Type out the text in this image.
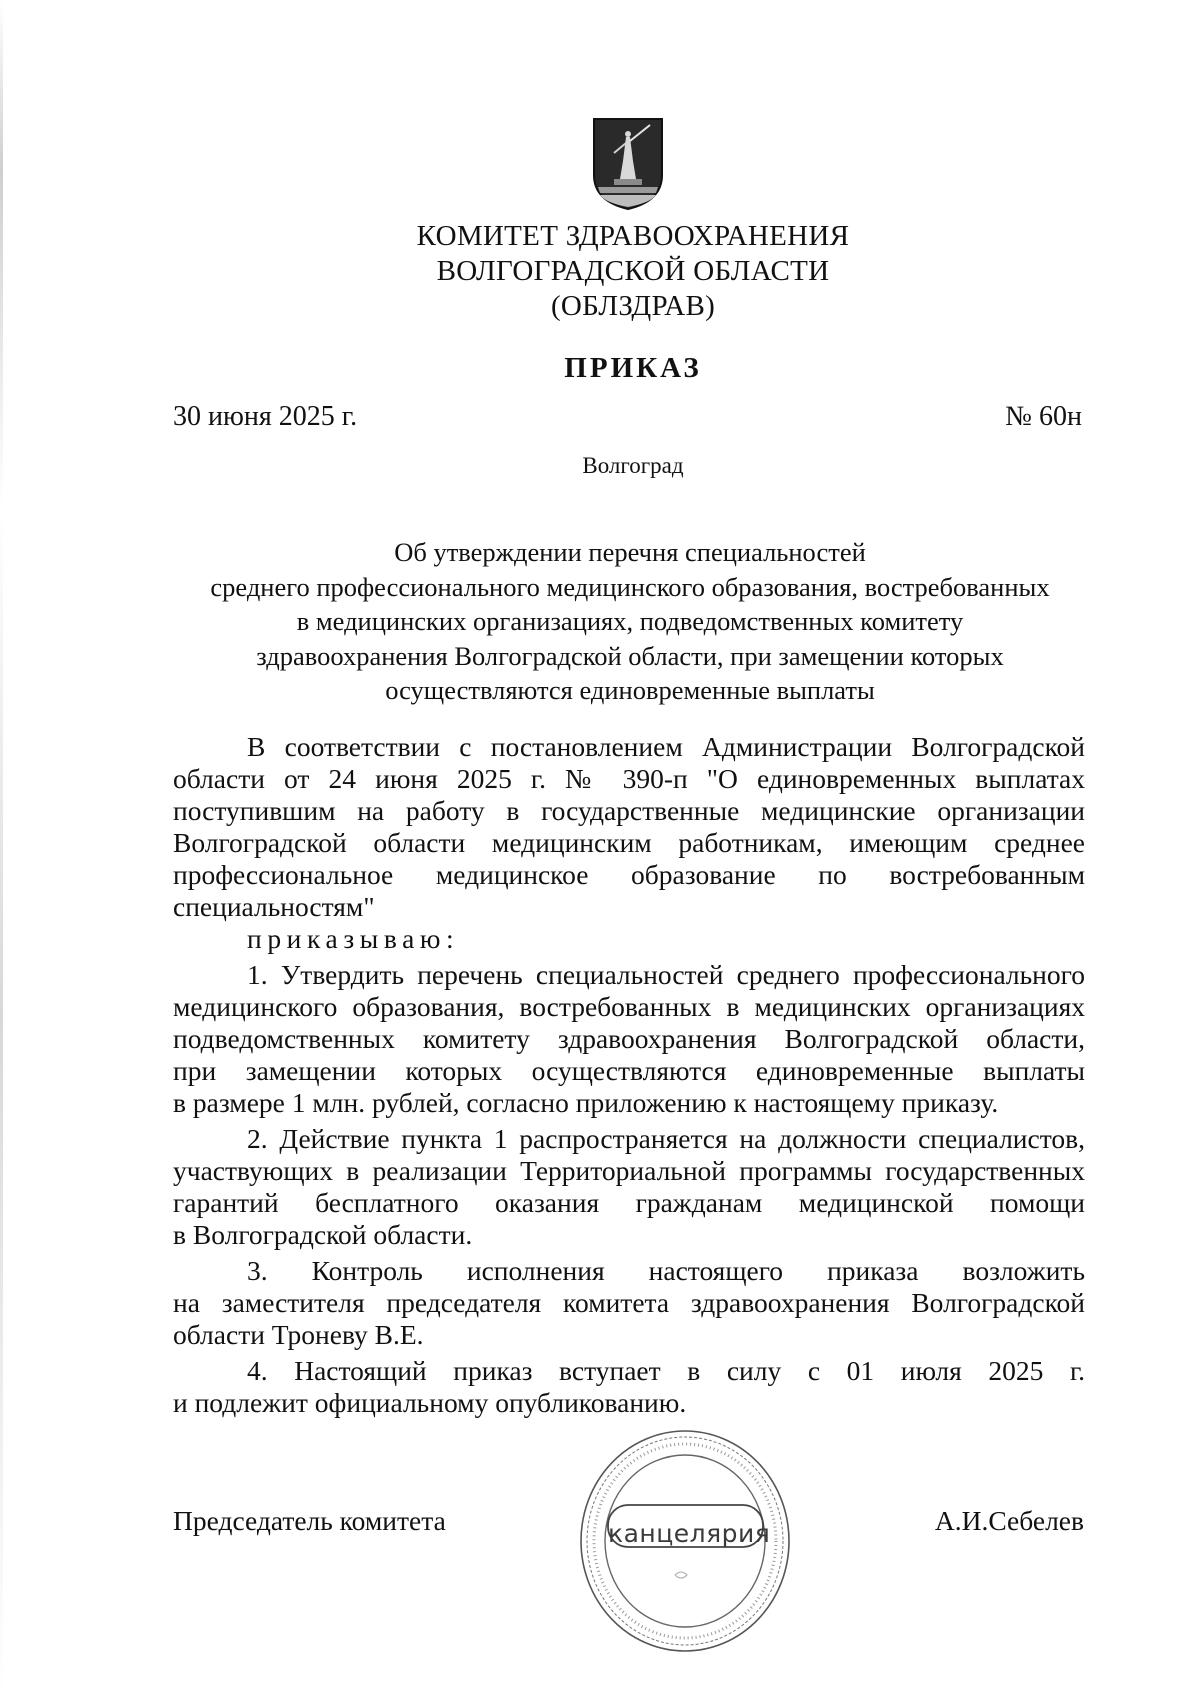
КОМИТЕТ ЗДРАВООХРАНЕНИЯ
ВОЛГОГРАДСКОЙ ОБЛАСТИ
(ОБЛЗДРАВ)
ПРИКАЗ
30 июня 2025 г.	№ 60н
Волгоград
Об утверждении перечня специальностей
среднего профессионального медицинского образования, востребованных
в медицинских организациях, подведомственных комитету
здравоохранения Волгоградской области, при замещении которых
осуществляются единовременные выплаты
В соответствии с постановлением Администрации Волгоградской
области от 24 июня 2025 г. № 390-п "О единовременных выплатах
поступившим на работу в государственные медицинские организации
Волгоградской области медицинским работникам, имеющим среднее
профессиональное медицинское образование по востребованным
специальностям"
приказываю:
1. Утвердить перечень специальностей среднего профессионального
медицинского образования, востребованных в медицинских организациях
подведомственных комитету здравоохранения Волгоградской области,
при замещении которых осуществляются единовременные выплаты
в размере 1 млн. рублей, согласно приложению к настоящему приказу.
2. Действие пункта 1 распространяется на должности специалистов,
участвующих в реализации Территориальной программы государственных
гарантий бесплатного оказания гражданам медицинской помощи
в Волгоградской области.
3. Контроль исполнения настоящего приказа возложить
на заместителя председателя комитета здравоохранения Волгоградской
области Троневу В.Е.
4. Настоящий приказ вступает в силу с 01 июля 2025 г.
и подлежит официальному опубликованию.
Председатель комитета	А.И.Себелев
канцелярия
